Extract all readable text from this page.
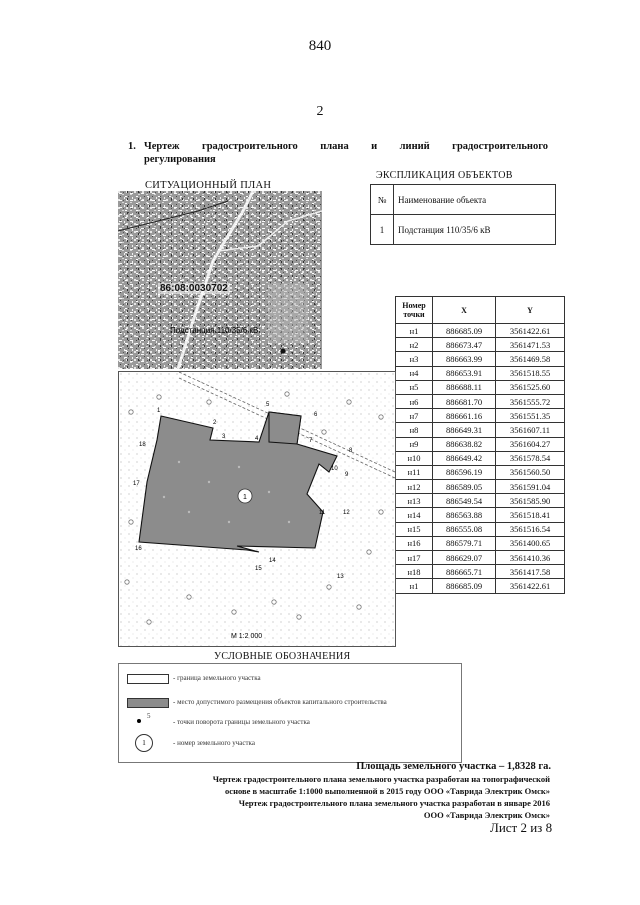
840
2
1. Чертеж градостроительного плана и линий градостроительного
регулирования
СИТУАЦИОННЫЙ ПЛАН
86:08:0030702
Подстанция 110/35/6 кВ
ЭКСПЛИКАЦИЯ ОБЪЕКТОВ
№	Наименование объекта
1	Подстанция 110/35/6 кВ
Номер точки	X	Y
н1	886685.09	3561422.61
н2	886673.47	3561471.53
н3	886663.99	3561469.58
н4	886653.91	3561518.55
н5	886688.11	3561525.60
н6	886681.70	3561555.72
н7	886661.16	3561551.35
н8	886649.31	3561607.11
н9	886638.82	3561604.27
н10	886649.42	3561578.54
н11	886596.19	3561560.50
н12	886589.05	3561591.04
н13	886549.54	3561585.90
н14	886563.88	3561518.41
н15	886555.08	3561516.54
н16	886579.71	3561400.65
н17	886629.07	3561410.36
н18	886665.71	3561417.58
н1	886685.09	3561422.61
1
1
2
3	4
5
6
7
8
9
10
11	12
13
14
15
16
17
18
М 1:2 000
УСЛОВНЫЕ ОБОЗНАЧЕНИЯ
- граница земельного участка
- место допустимого размещения объектов капитального строительства
5
- точки поворота границы земельного участка
1	- номер земельного участка
Площадь земельного участка – 1,8328 га.
Чертеж градостроительного плана земельного участка разработан на топографической
основе в масштабе 1:1000 выполненной в 2015 году ООО «Таврида Электрик Омск»
Чертеж градостроительного плана земельного участка разработан в январе 2016
ООО «Таврида Электрик Омск»
Лист 2 из 8
